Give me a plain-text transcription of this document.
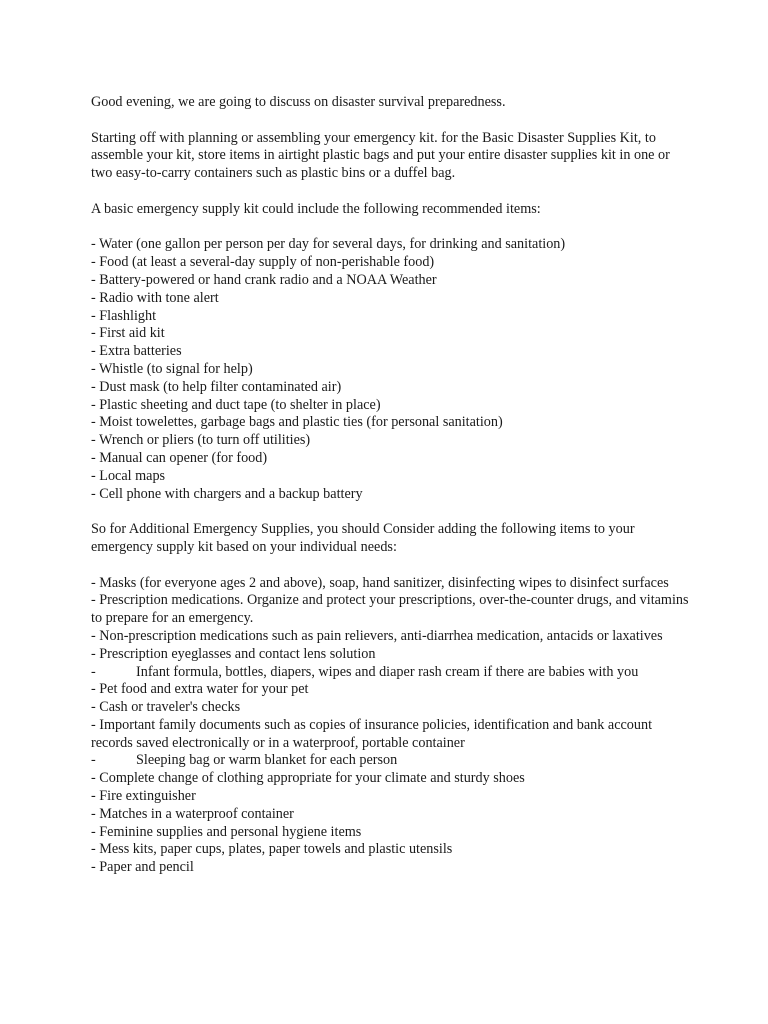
Good evening, we are going to discuss on disaster survival preparedness.

Starting off with planning or assembling your emergency kit. for the Basic Disaster Supplies Kit, to assemble your kit, store items in airtight plastic bags and put your entire disaster supplies kit in one or two easy-to-carry containers such as plastic bins or a duffel bag.

A basic emergency supply kit could include the following recommended items:

- Water (one gallon per person per day for several days, for drinking and sanitation)
- Food (at least a several-day supply of non-perishable food)
- Battery-powered or hand crank radio and a NOAA Weather
- Radio with tone alert
- Flashlight
- First aid kit
- Extra batteries
- Whistle (to signal for help)
- Dust mask (to help filter contaminated air)
- Plastic sheeting and duct tape (to shelter in place)
- Moist towelettes, garbage bags and plastic ties (for personal sanitation)
- Wrench or pliers (to turn off utilities)
- Manual can opener (for food)
- Local maps
- Cell phone with chargers and a backup battery

So for Additional Emergency Supplies, you should Consider adding the following items to your emergency supply kit based on your individual needs:

- Masks (for everyone ages 2 and above), soap, hand sanitizer, disinfecting wipes to disinfect surfaces
- Prescription medications. Organize and protect your prescriptions, over-the-counter drugs, and vitamins to prepare for an emergency.
- Non-prescription medications such as pain relievers, anti-diarrhea medication, antacids or laxatives
- Prescription eyeglasses and contact lens solution
-	Infant formula, bottles, diapers, wipes and diaper rash cream if there are babies with you
- Pet food and extra water for your pet
- Cash or traveler's checks
- Important family documents such as copies of insurance policies, identification and bank account records saved electronically or in a waterproof, portable container
-	Sleeping bag or warm blanket for each person
- Complete change of clothing appropriate for your climate and sturdy shoes
- Fire extinguisher
- Matches in a waterproof container
- Feminine supplies and personal hygiene items
- Mess kits, paper cups, plates, paper towels and plastic utensils
- Paper and pencil
